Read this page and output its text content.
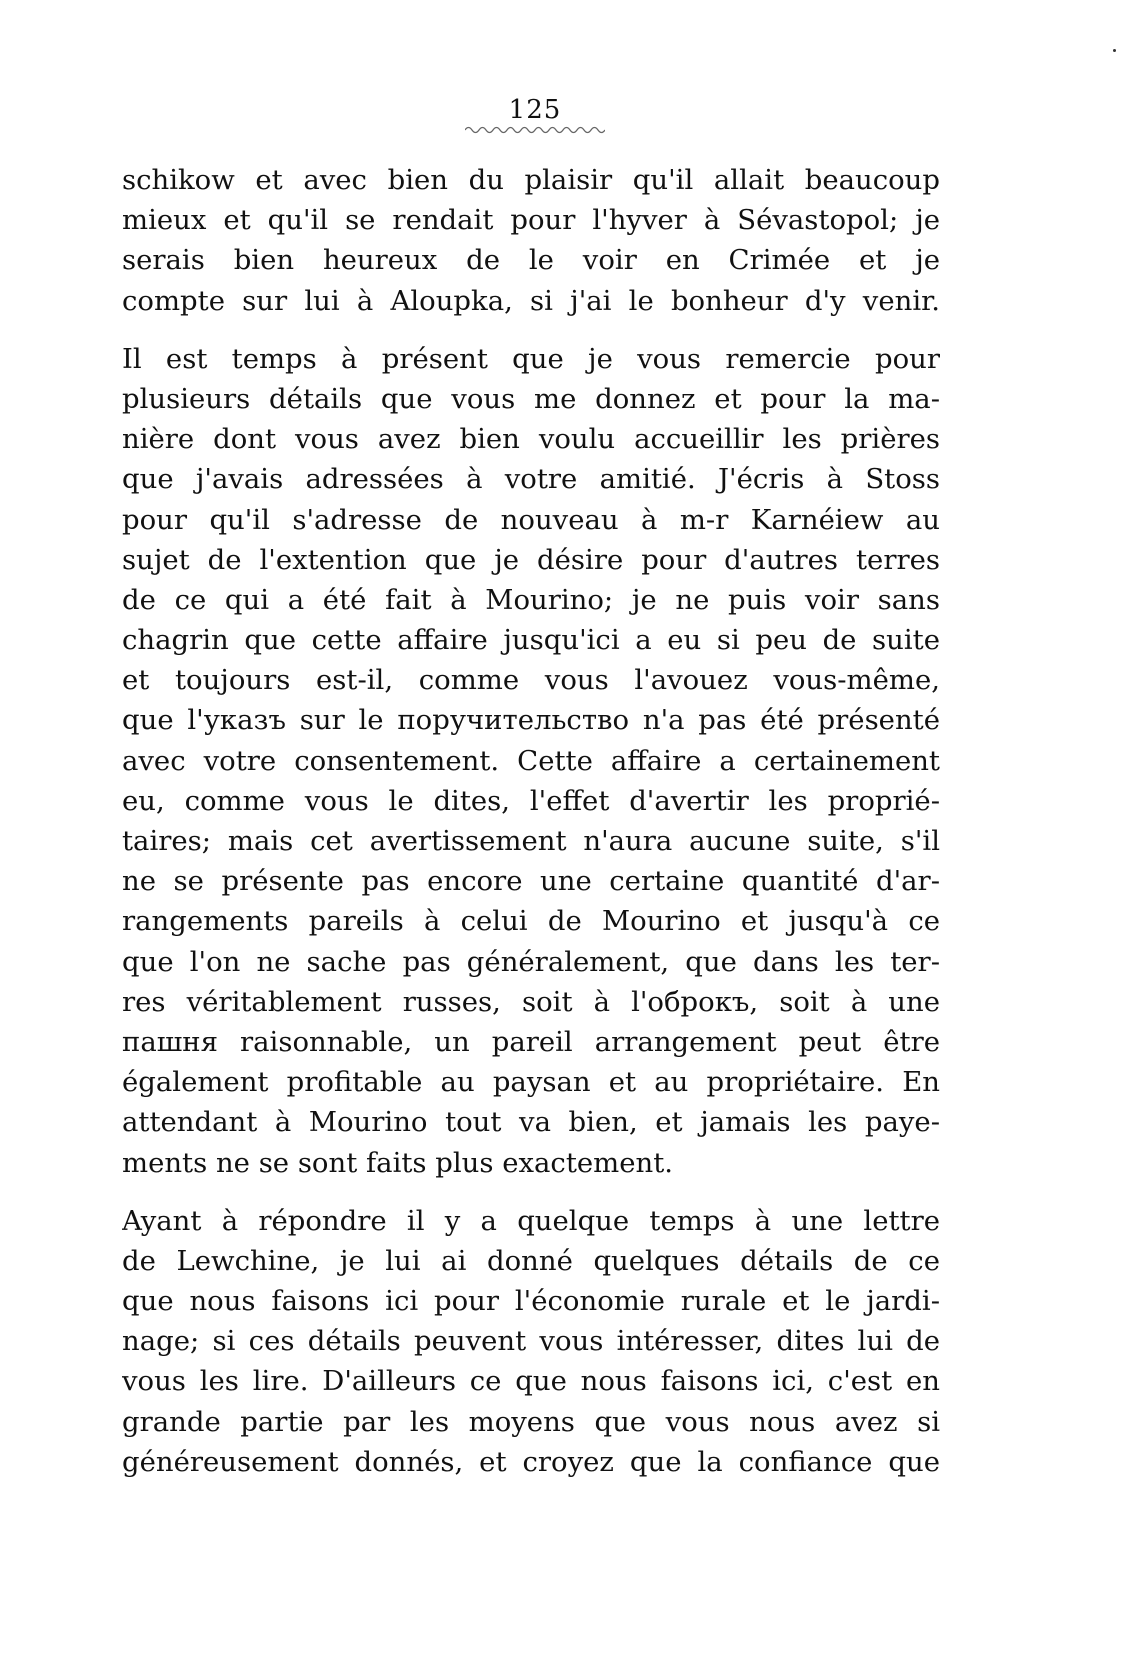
125
schikow et avec bien du plaisir qu'il allait beaucoup
mieux et qu'il se rendait pour l'hyver à Sévastopol; je
serais bien heureux de le voir en Crimée et je
compte sur lui à Aloupka, si j'ai le bonheur d'y venir.
Il est temps à présent que je vous remercie pour
plusieurs détails que vous me donnez et pour la ma-
nière dont vous avez bien voulu accueillir les prières
que j'avais adressées à votre amitié. J'écris à Stoss
pour qu'il s'adresse de nouveau à m-r Karnéiew au
sujet de l'extention que je désire pour d'autres terres
de ce qui a été fait à Mourino; je ne puis voir sans
chagrin que cette affaire jusqu'ici a eu si peu de suite
et toujours est-il, comme vous l'avouez vous-même,
que l'указъ sur le поручительство n'a pas été présenté
avec votre consentement. Cette affaire a certainement
eu, comme vous le dites, l'effet d'avertir les proprié-
taires; mais cet avertissement n'aura aucune suite, s'il
ne se présente pas encore une certaine quantité d'ar-
rangements pareils à celui de Mourino et jusqu'à ce
que l'on ne sache pas généralement, que dans les ter-
res véritablement russes, soit à l'оброкъ, soit à une
пашня raisonnable, un pareil arrangement peut être
également profitable au paysan et au propriétaire. En
attendant à Mourino tout va bien, et jamais les paye-
ments ne se sont faits plus exactement.
Ayant à répondre il y a quelque temps à une lettre
de Lewchine, je lui ai donné quelques détails de ce
que nous faisons ici pour l'économie rurale et le jardi-
nage; si ces détails peuvent vous intéresser, dites lui de
vous les lire. D'ailleurs ce que nous faisons ici, c'est en
grande partie par les moyens que vous nous avez si
généreusement donnés, et croyez que la confiance que
